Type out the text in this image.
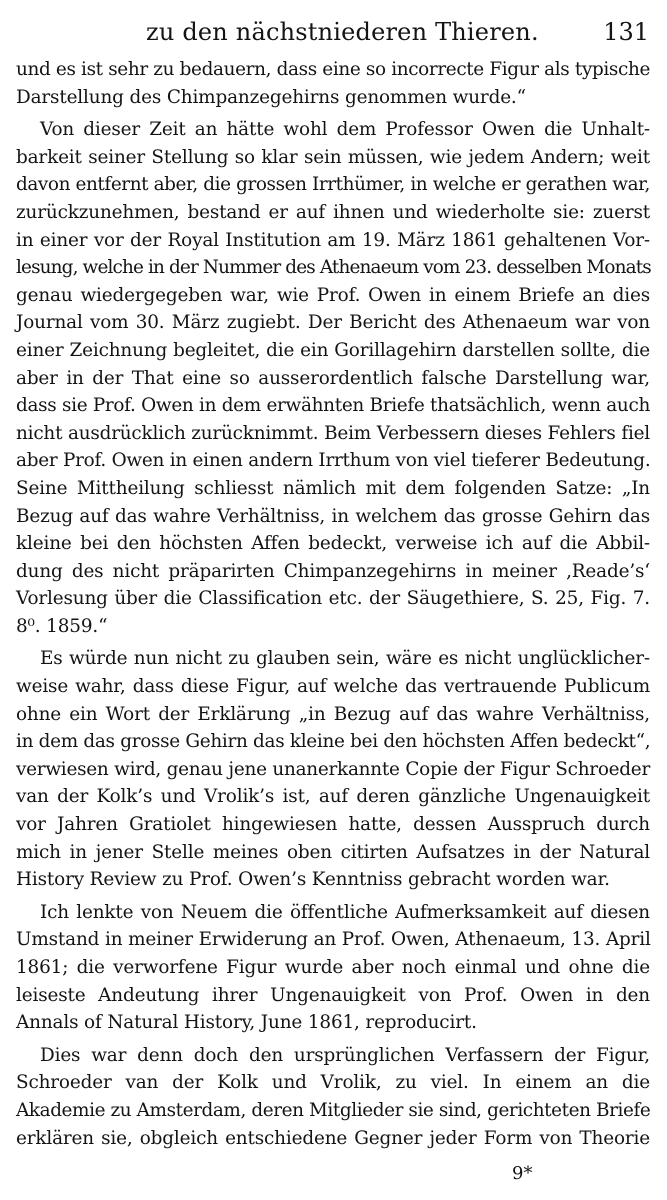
zu den nächstniederen Thieren.	131
und es ist sehr zu bedauern, dass eine so incorrecte Figur als typische
Darstellung des Chimpanzegehirns genommen wurde.“
Von dieser Zeit an hätte wohl dem Professor Owen die Unhalt-
barkeit seiner Stellung so klar sein müssen, wie jedem Andern; weit
davon entfernt aber, die grossen Irrthümer, in welche er gerathen war,
zurückzunehmen, bestand er auf ihnen und wiederholte sie: zuerst
in einer vor der Royal Institution am 19. März 1861 gehaltenen Vor-
lesung, welche in der Nummer des Athenaeum vom 23. desselben Monats
genau wiedergegeben war, wie Prof. Owen in einem Briefe an dies
Journal vom 30. März zugiebt. Der Bericht des Athenaeum war von
einer Zeichnung begleitet, die ein Gorillagehirn darstellen sollte, die
aber in der That eine so ausserordentlich falsche Darstellung war,
dass sie Prof. Owen in dem erwähnten Briefe thatsächlich, wenn auch
nicht ausdrücklich zurücknimmt. Beim Verbessern dieses Fehlers fiel
aber Prof. Owen in einen andern Irrthum von viel tieferer Bedeutung.
Seine Mittheilung schliesst nämlich mit dem folgenden Satze: „In
Bezug auf das wahre Verhältniss, in welchem das grosse Gehirn das
kleine bei den höchsten Affen bedeckt, verweise ich auf die Abbil-
dung des nicht präparirten Chimpanzegehirns in meiner ‚Reade’s‘
Vorlesung über die Classification etc. der Säugethiere, S. 25, Fig. 7.
8⁰. 1859.“
Es würde nun nicht zu glauben sein, wäre es nicht unglücklicher-
weise wahr, dass diese Figur, auf welche das vertrauende Publicum
ohne ein Wort der Erklärung „in Bezug auf das wahre Verhältniss,
in dem das grosse Gehirn das kleine bei den höchsten Affen bedeckt“,
verwiesen wird, genau jene unanerkannte Copie der Figur Schroeder
van der Kolk’s und Vrolik’s ist, auf deren gänzliche Ungenauigkeit
vor Jahren Gratiolet hingewiesen hatte, dessen Ausspruch durch
mich in jener Stelle meines oben citirten Aufsatzes in der Natural
History Review zu Prof. Owen’s Kenntniss gebracht worden war.
Ich lenkte von Neuem die öffentliche Aufmerksamkeit auf diesen
Umstand in meiner Erwiderung an Prof. Owen, Athenaeum, 13. April
1861; die verworfene Figur wurde aber noch einmal und ohne die
leiseste Andeutung ihrer Ungenauigkeit von Prof. Owen in den
Annals of Natural History, June 1861, reproducirt.
Dies war denn doch den ursprünglichen Verfassern der Figur,
Schroeder van der Kolk und Vrolik, zu viel. In einem an die
Akademie zu Amsterdam, deren Mitglieder sie sind, gerichteten Briefe
erklären sie, obgleich entschiedene Gegner jeder Form von Theorie
9*
